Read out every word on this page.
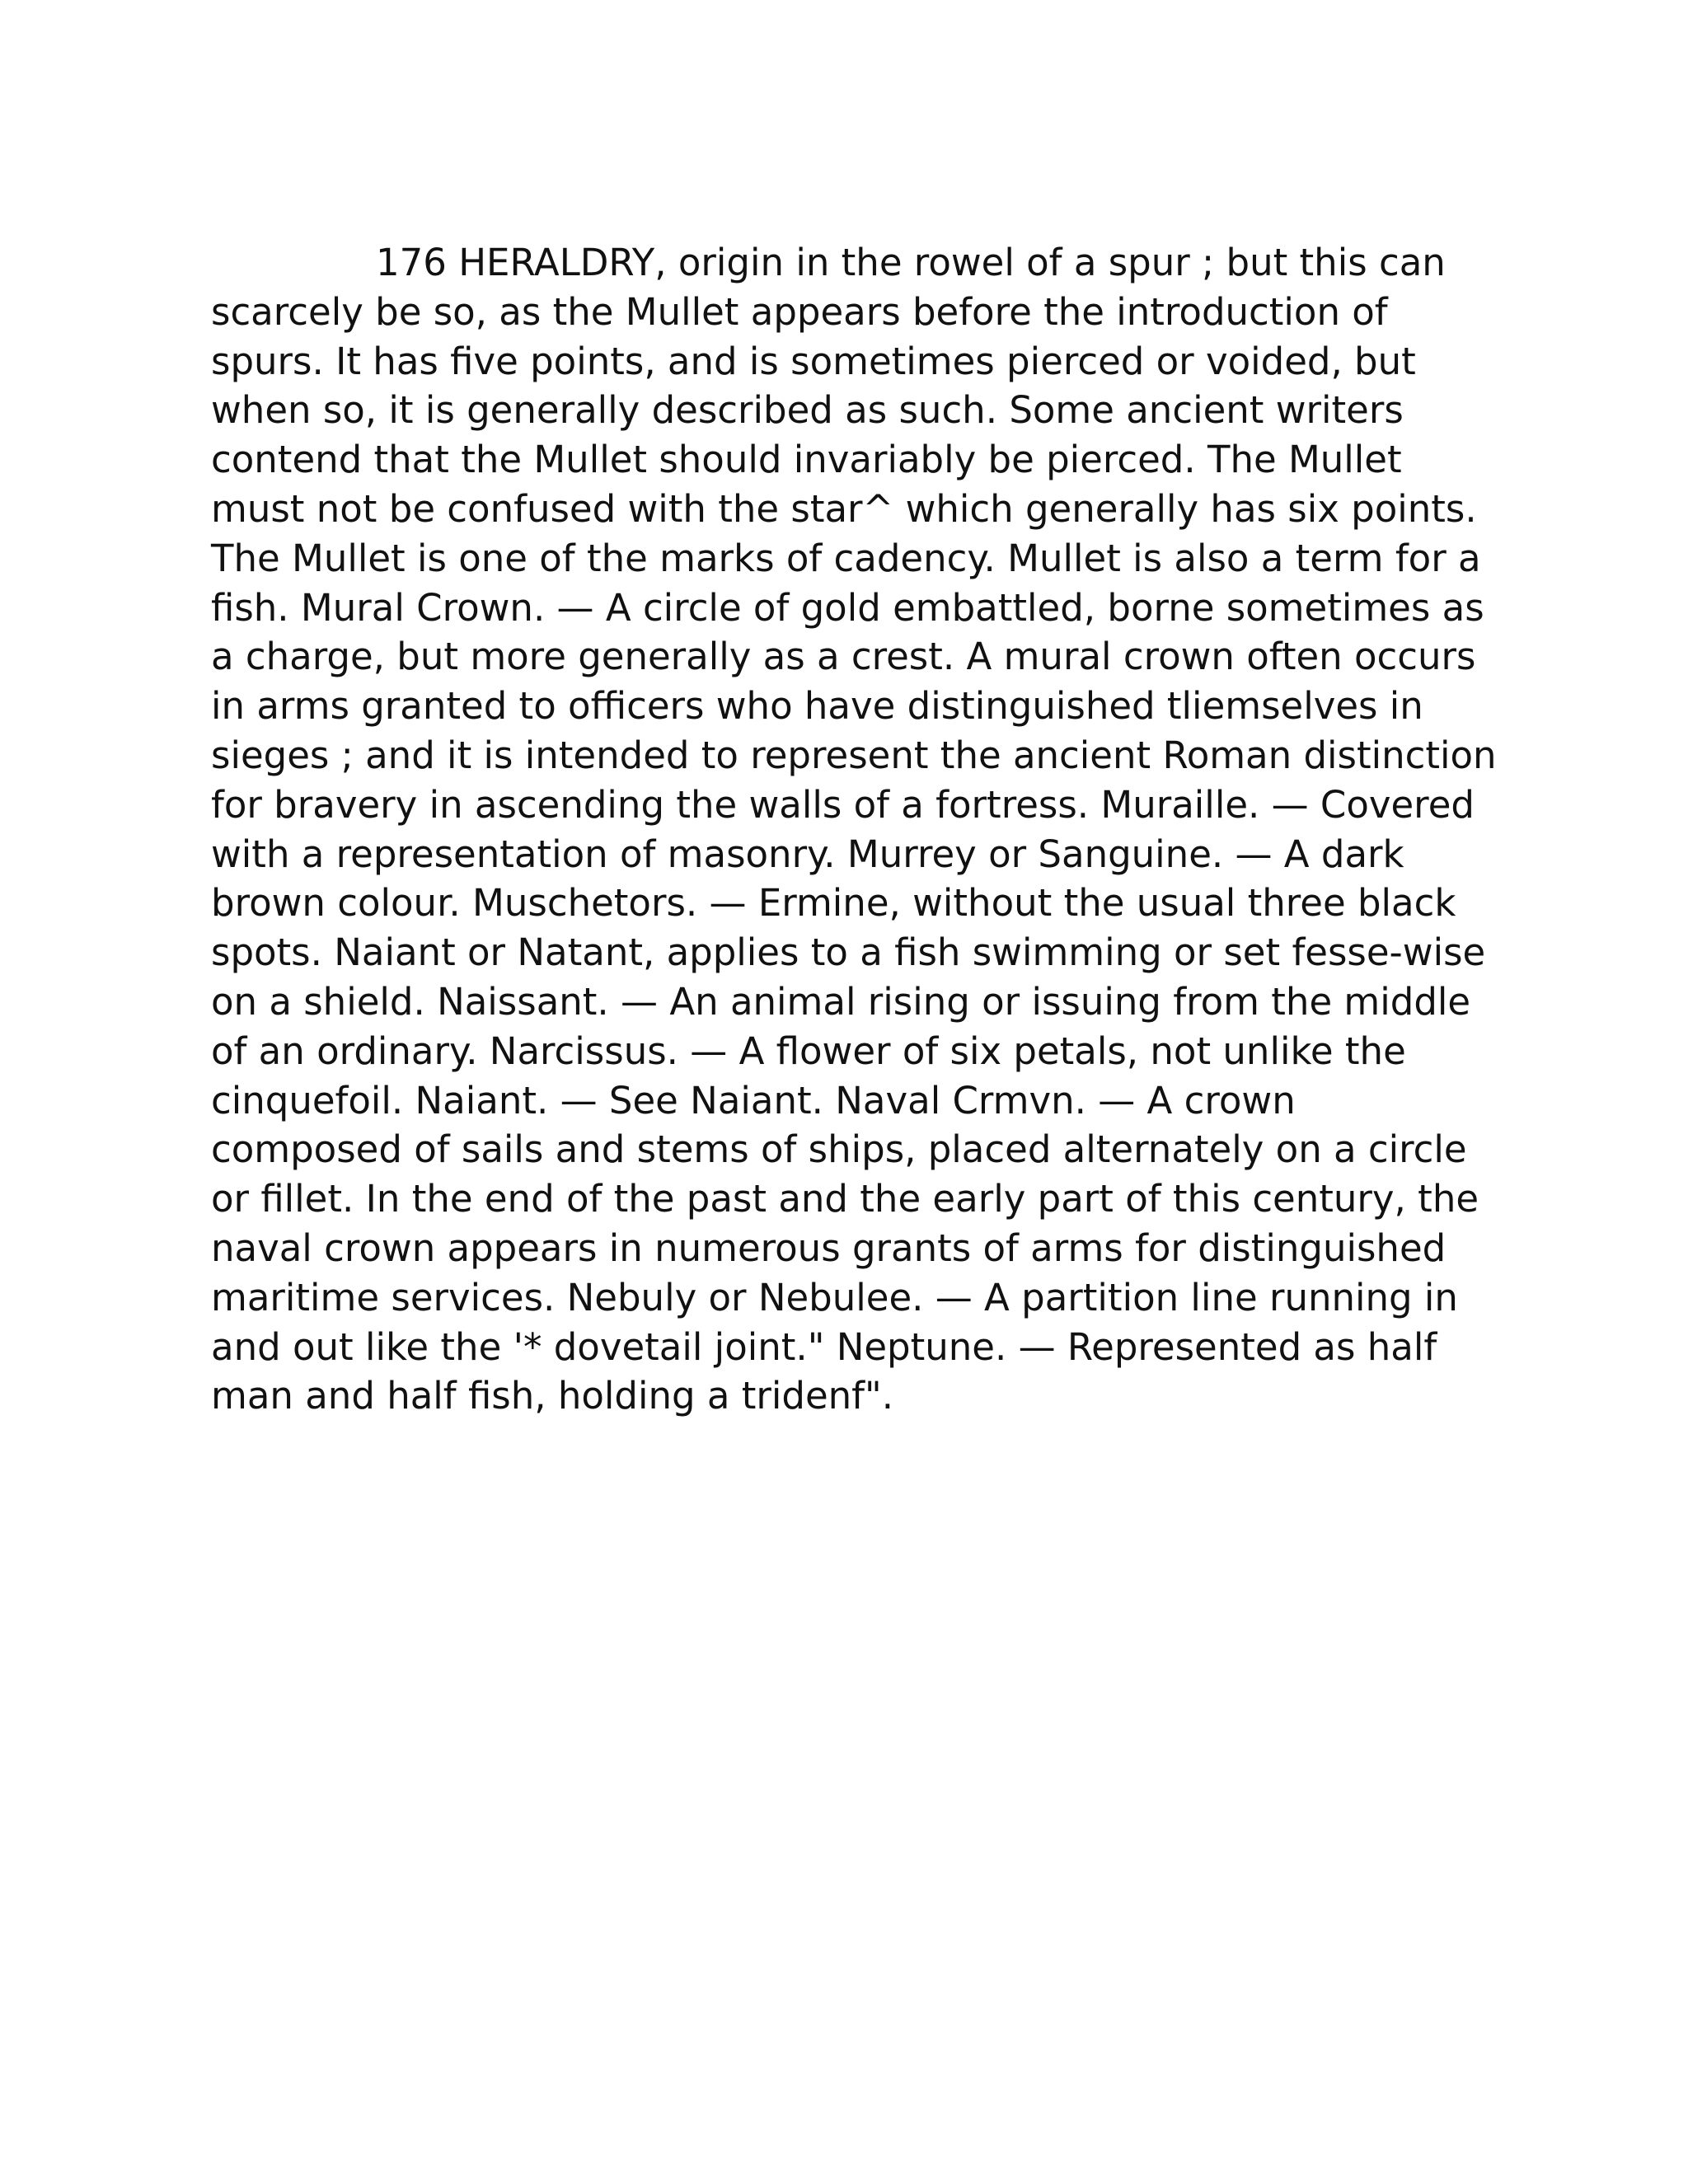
176 HERALDRY, origin in the rowel of a spur ; but this can
scarcely be so, as the Mullet appears before the introduction of
spurs. It has five points, and is sometimes pierced or voided, but
when so, it is generally described as such. Some ancient writers
contend that the Mullet should invariably be pierced. The Mullet
must not be confused with the star^ which generally has six points.
The Mullet is one of the marks of cadency. Mullet is also a term for a
fish. Mural Crown. — A circle of gold embattled, borne sometimes as
a charge, but more generally as a crest. A mural crown often occurs
in arms granted to officers who have distinguished tliemselves in
sieges ; and it is intended to represent the ancient Roman distinction
for bravery in ascending the walls of a fortress. Muraille. — Covered
with a representation of masonry. Murrey or Sanguine. — A dark
brown colour. Muschetors. — Ermine, without the usual three black
spots. Naiant or Natant, applies to a fish swimming or set fesse-wise
on a shield. Naissant. — An animal rising or issuing from the middle
of an ordinary. Narcissus. — A flower of six petals, not unlike the
cinquefoil. Naiant. — See Naiant. Naval Crmvn. — A crown
composed of sails and stems of ships, placed alternately on a circle
or fillet. In the end of the past and the early part of this century, the
naval crown appears in numerous grants of arms for distinguished
maritime services. Nebuly or Nebulee. — A partition line running in
and out like the '* dovetail joint." Neptune. — Represented as half
man and half fish, holding a tridenf".
